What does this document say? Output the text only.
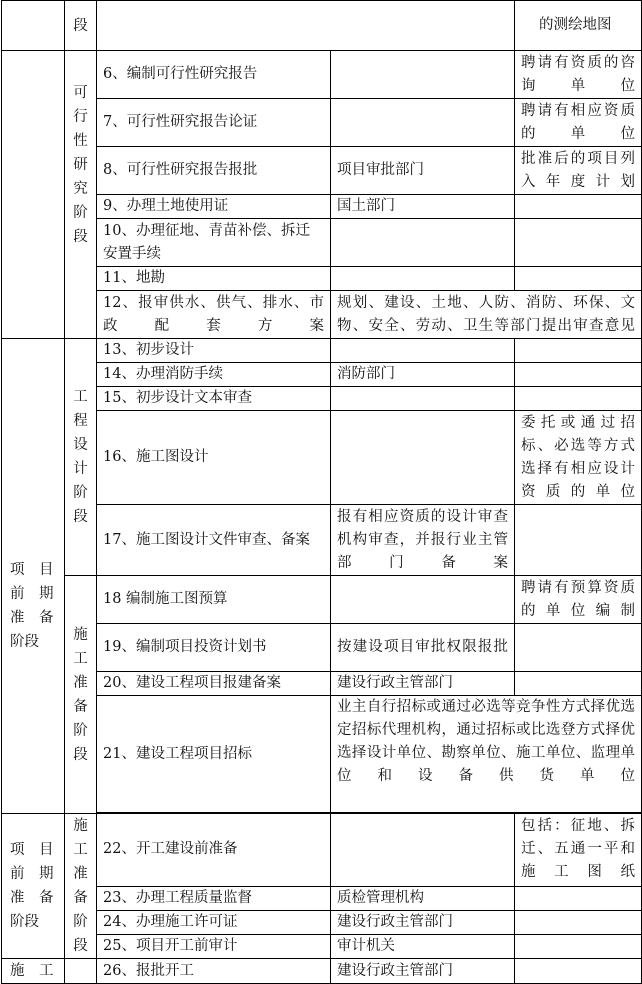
	段			的测绘地图
	可行性研究阶段	6、编制可行性研究报告		聘请有资质的咨询单位
		7、可行性研究报告论证		聘请有相应资质的单位
		8、可行性研究报告报批	项目审批部门	批准后的项目列入年度计划
		9、办理土地使用证	国土部门	
		10、办理征地、青苗补偿、拆迁安置手续		
		11、地勘		
		12、报审供水、供气、排水、市政配套方案	规划、建设、土地、人防、消防、环保、文物、安全、劳动、卫生等部门提出审查意见	
项　目 前　期 准　备 阶段	工程设计阶段	13、初步设计		
		14、办理消防手续	消防部门	
		15、初步设计文本审查		
		16、施工图设计		委托或通过招标、必选等方式选择有相应设计资质的单位
		17、施工图设计文件审查、备案	报有相应资质的设计审查机构审查，并报行业主管部门备案	
	施工准备阶段	18 编制施工图预算		聘请有预算资质的单位编制
		19、编制项目投资计划书	按建设项目审批权限报批	
		20、建设工程项目报建备案	建设行政主管部门	
		21、建设工程项目招标	业主自行招标或通过必选等竞争性方式择优选定招标代理机构，通过招标或比选登方式择优选择设计单位、勘察单位、施工单位、监理单位和设备供货单位	

项　目 前　期 准　备 阶段	施工准备阶段	22、开工建设前准备		包括：征地、拆迁、五通一平和施工图纸
		23、办理工程质量监督	质检管理机构	
		24、办理施工许可证	建设行政主管部门	
		25、项目开工前审计	审计机关	
施　工		26、报批开工	建设行政主管部门	
